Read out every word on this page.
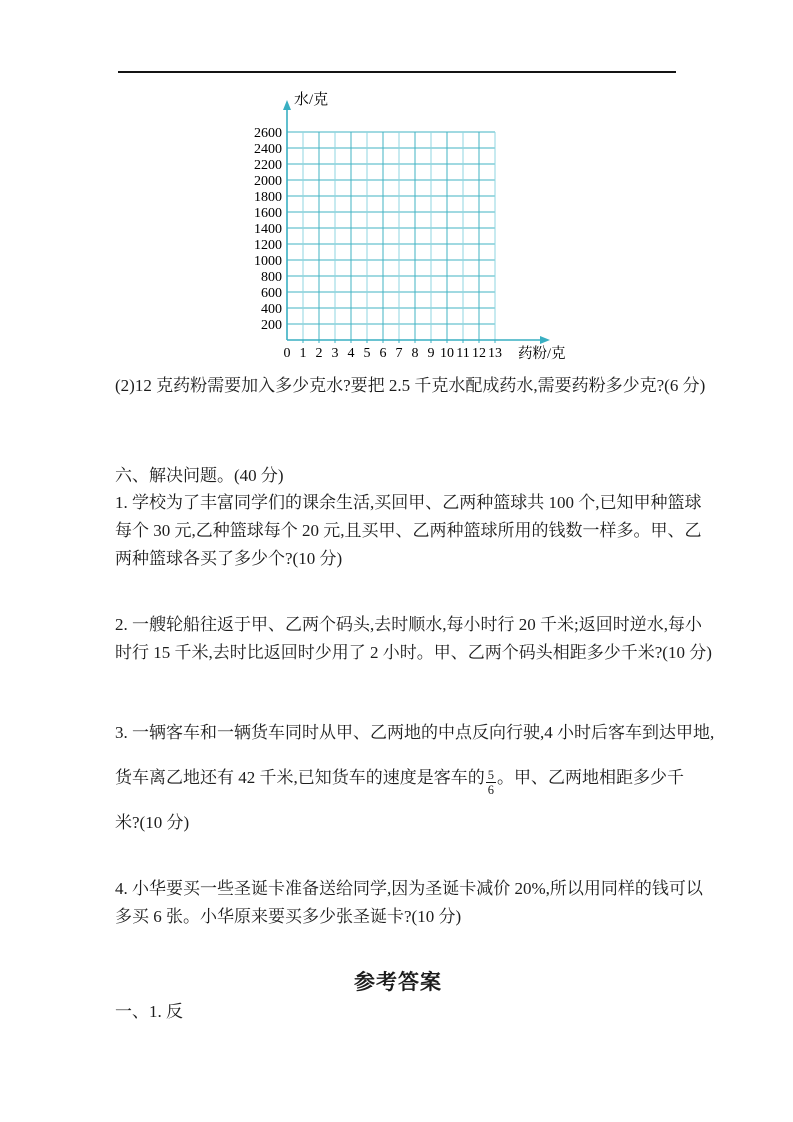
200
400
600
800
1000
1200
1400
1600
1800
2000
2200
2400
2600
0 1 2 3 4 5 6 7 8 9 10 11 12 13
水/克
药粉/克
(2)12 克药粉需要加入多少克水?要把 2.5 千克水配成药水,需要药粉多少克?(6 分)
六、解决问题。(40 分)
1. 学校为了丰富同学们的课余生活,买回甲、乙两种篮球共 100 个,已知甲种篮球
每个 30 元,乙种篮球每个 20 元,且买甲、乙两种篮球所用的钱数一样多。甲、乙
两种篮球各买了多少个?(10 分)
2. 一艘轮船往返于甲、乙两个码头,去时顺水,每小时行 20 千米;返回时逆水,每小
时行 15 千米,去时比返回时少用了 2 小时。甲、乙两个码头相距多少千米?(10 分)
3. 一辆客车和一辆货车同时从甲、乙两地的中点反向行驶,4 小时后客车到达甲地,
货车离乙地还有 42 千米,已知货车的速度是客车的 $\frac{5}{6}$ 。甲、乙两地相距多少千
米?(10 分)
4. 小华要买一些圣诞卡准备送给同学,因为圣诞卡减价 20%,所以用同样的钱可以
多买 6 张。小华原来要买多少张圣诞卡?(10 分)
参考答案
一、1. 反
